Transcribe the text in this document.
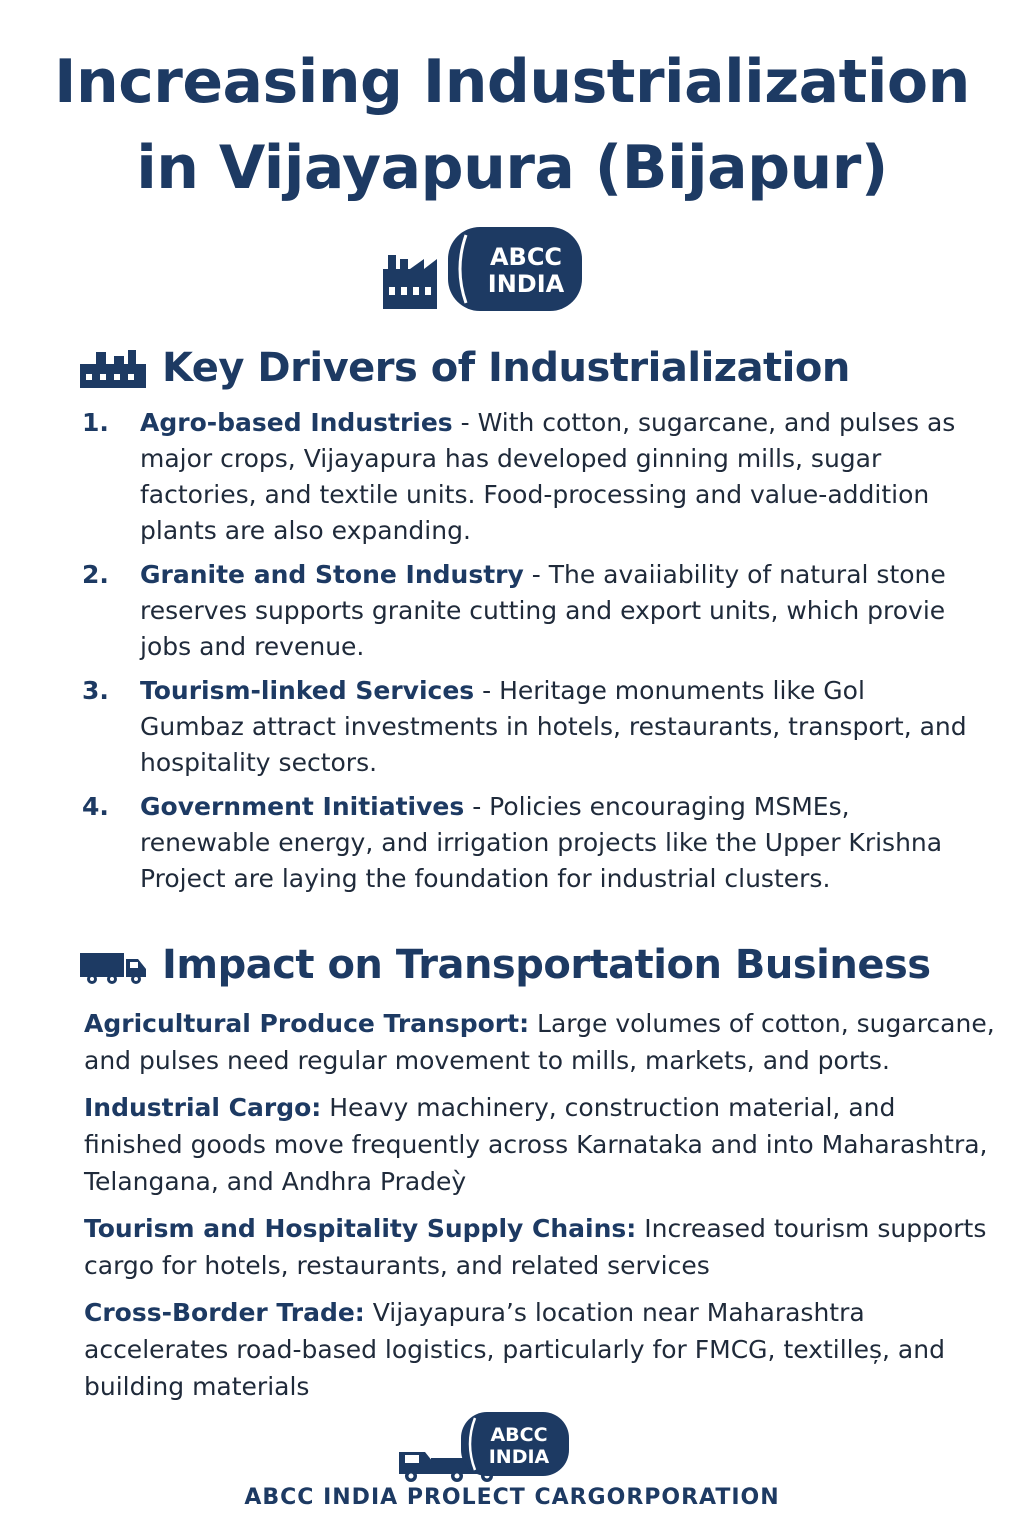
Increasing Industrialization
in Vijayapura (Bijapur)
ABCC
INDIA
Key Drivers of Industrialization
1.	Agro-based Industries - With cotton, sugarcane, and pulses as major crops, Vijayapura has developed ginning mills, sugar factories, and textile units. Food-processing and value-addition plants are also expanding.
2.	Granite and Stone Industry - The avaiiability of natural stone reserves supports granite cutting and export units, which provie jobs and revenue.
3.	Tourism-linked Services - Heritage monuments like Gol Gumbaz attract investments in hotels, restaurants, transport, and hospitality sectors.
4.	Government Initiatives - Policies encouraging MSMEs, renewable energy, and irrigation projects like the Upper Krishna Project are laying the foundation for industrial clusters.
Impact on Transportation Business
Agricultural Produce Transport: Large volumes of cotton, sugarcane, and pulses need regular movement to mills, markets, and ports.
Industrial Cargo: Heavy machinery, construction material, and finished goods move frequently across Karnataka and into Maharashtra, Telangana, and Andhra Pradeỳ
Tourism and Hospitality Supply Chains: Increased tourism supports cargo for hotels, restaurants, and related services
Cross-Border Trade: Vijayapura’s location near Maharashtra accelerates road-based logistics, particularly for FMCG, textilleș, and building materials
ABCC
INDIA
ABCC INDIA PROLECT CARGORPORATION
